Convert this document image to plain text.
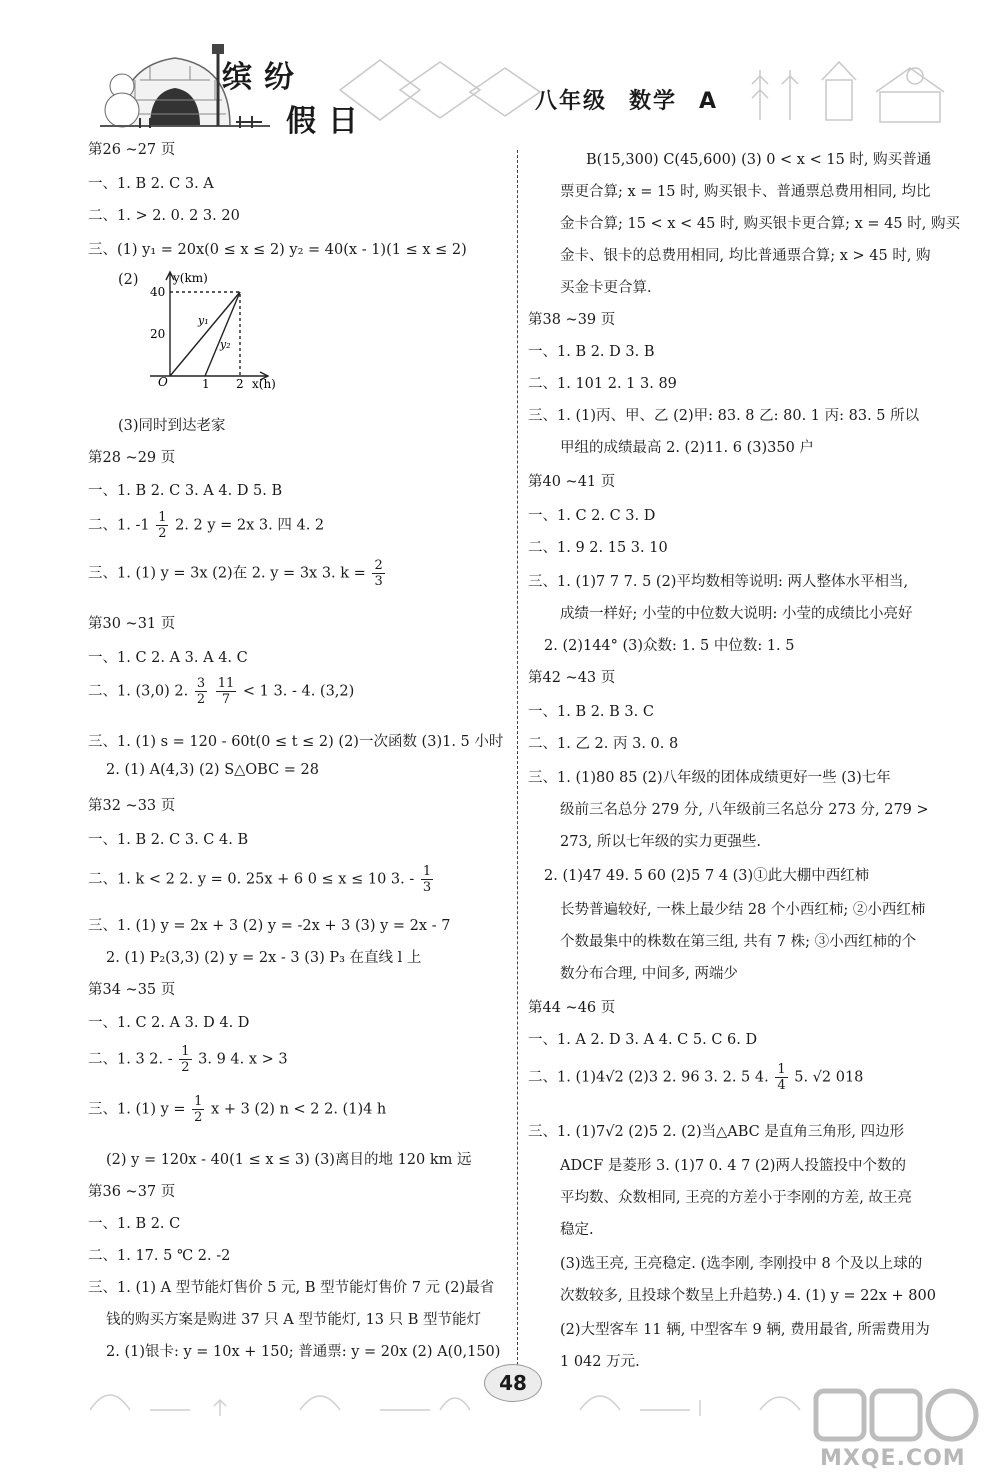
缤纷
假日
八年级 数学 A
第26 ~27 页
一、1. B 2. C 3. A
二、1. > 2. 0. 2 3. 20
三、(1) y₁ = 20x(0 ≤ x ≤ 2) y₂ = 40(x - 1)(1 ≤ x ≤ 2)
(2)
(3)同时到达老家
第28 ~29 页
一、1. B 2. C 3. A 4. D 5. B
二、1. $-1 \frac{1}{2} 2$. 2 y = 2x 3. 四 4. 2
三、1. (1) y = 3x (2)在 2. y = 3x 3. $k = \frac{2}{3}$
第30 ~31 页
一、1. C 2. A 3. A 4. C
二、1. (3,0) 2. $\frac{3}{2}$
$\frac{11}{7} < 1$ 3. - 4. (3,2)
三、1. (1) s = 120 - 60t(0 ≤ t ≤ 2) (2)一次函数 (3)1. 5 小时
2. (1) A(4,3) (2) S△OBC = 28
第32 ~33 页
一、1. B 2. C 3. C 4. B
二、1. k < 2 2. y = 0. 25x + 6 0 ≤ x ≤ 10 3. - $\frac{1}{3}$
三、1. (1) y = 2x + 3 (2) y = -2x + 3 (3) y = 2x - 7
2. (1) P₂(3,3) (2) y = 2x - 3 (3) P₃ 在直线 l 上
第34 ~35 页
一、1. C 2. A 3. D 4. D
二、1. 3 2. - $\frac{1}{2} 3$. 9 4. x > 3
三、1. (1) $y = \frac{1}{2}$ x + 3 (2) n < 2 2. (1)4 h
(2) y = 120x - 40(1 ≤ x ≤ 3) (3)离目的地 120 km 远
第36 ~37 页
一、1. B 2. C
二、1. 17. 5 ℃ 2. -2
三、1. (1) A 型节能灯售价 5 元, B 型节能灯售价 7 元 (2)最省
钱的购买方案是购进 37 只 A 型节能灯, 13 只 B 型节能灯
2. (1)银卡: y = 10x + 150; 普通票: y = 20x (2) A(0,150)
y(km)
x(h)
O
40
20
1 2
y₁
y₂
B(15,300) C(45,600) (3) 0 < x < 15 时, 购买普通
票更合算; x = 15 时, 购买银卡、普通票总费用相同, 均比
金卡合算; 15 < x < 45 时, 购买银卡更合算; x = 45 时, 购买
金卡、银卡的总费用相同, 均比普通票合算; x > 45 时, 购
买金卡更合算.
第38 ~39 页
一、1. B 2. D 3. B
二、1. 101 2. 1 3. 89
三、1. (1)丙、甲、乙 (2)甲: 83. 8 乙: 80. 1 丙: 83. 5 所以
甲组的成绩最高 2. (2)11. 6 (3)350 户
第40 ~41 页
一、1. C 2. C 3. D
二、1. 9 2. 15 3. 10
三、1. (1)7 7 7. 5 (2)平均数相等说明: 两人整体水平相当,
成绩一样好; 小莹的中位数大说明: 小莹的成绩比小亮好
2. (2)144° (3)众数: 1. 5 中位数: 1. 5
第42 ~43 页
一、1. B 2. B 3. C
二、1. 乙 2. 丙 3. 0. 8
三、1. (1)80 85 (2)八年级的团体成绩更好一些 (3)七年
级前三名总分 279 分, 八年级前三名总分 273 分, 279 >
273, 所以七年级的实力更强些.
2. (1)47 49. 5 60 (2)5 7 4 (3)①此大棚中西红柿
长势普遍较好, 一株上最少结 28 个小西红柿; ②小西红柿
个数最集中的株数在第三组, 共有 7 株; ③小西红柿的个
数分布合理, 中间多, 两端少
第44 ~46 页
一、1. A 2. D 3. A 4. C 5. C 6. D
二、1. (1)4√2 (2)3 2. 96 3. 2. 5 4. $\frac{1}{4} 5$. √2 018
三、1. (1)7√2 (2)5 2. (2)当△ABC 是直角三角形, 四边形
ADCF 是菱形 3. (1)7 0. 4 7 (2)两人投篮投中个数的
平均数、众数相同, 王亮的方差小于李刚的方差, 故王亮
稳定.
(3)选王亮, 王亮稳定. (选李刚, 李刚投中 8 个及以上球的
次数较多, 且投球个数呈上升趋势.) 4. (1) y = 22x + 800
(2)大型客车 11 辆, 中型客车 9 辆, 费用最省, 所需费用为
1 042 万元.
48
MXQE.COM
